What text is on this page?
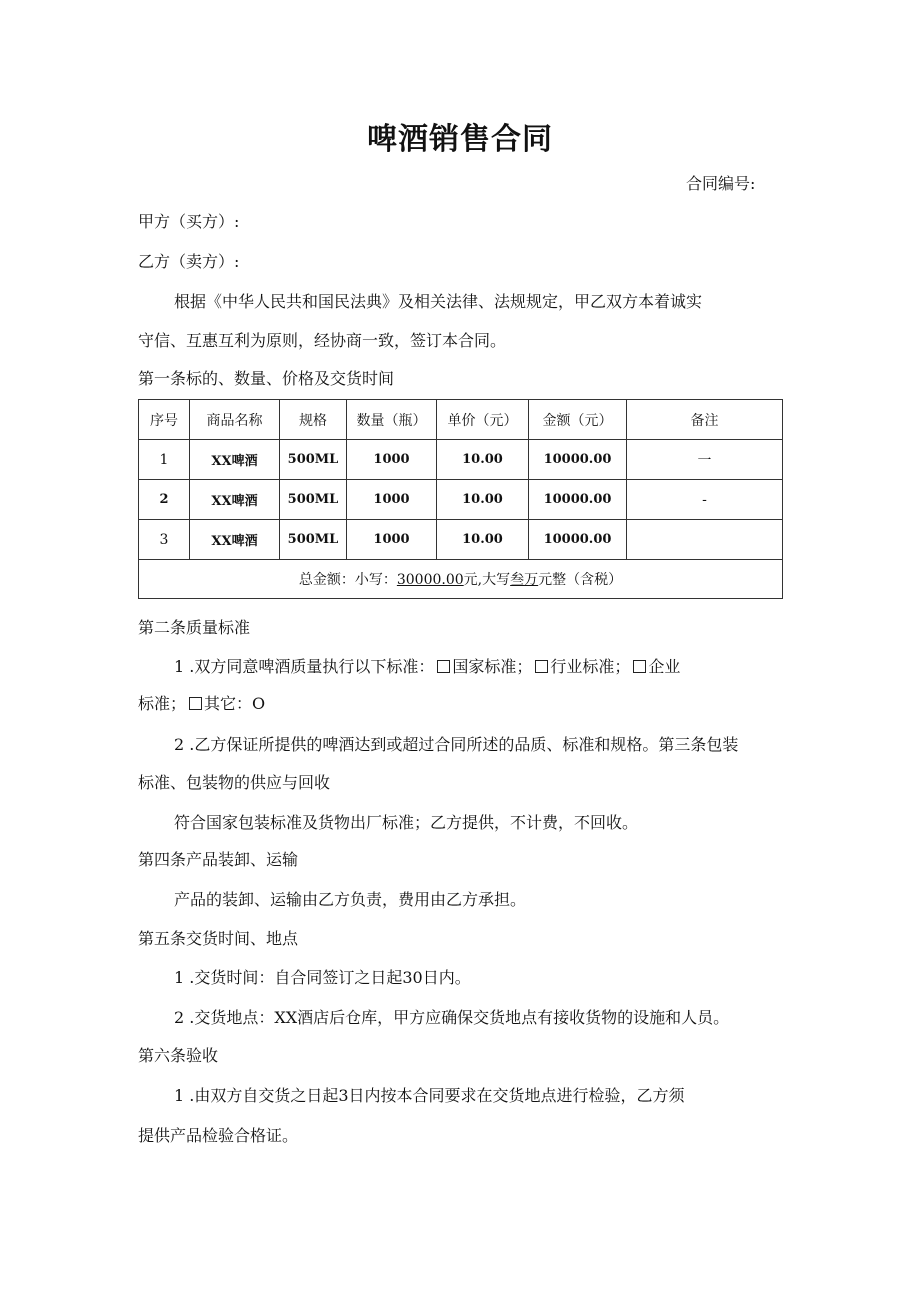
啤酒销售合同
合同编号:
甲方（买方）:
乙方（卖方）:
根据《中华人民共和国民法典》及相关法律、法规规定，甲乙双方本着诚实
守信、互惠互利为原则，经协商一致，签订本合同。
第一条标的、数量、价格及交货时间
序号	商品名称	规格	数量（瓶）	单价（元）	金额（元）	备注
1	XX啤酒	500ML	1000	10.00	10000.00	一
2	XX啤酒	500ML	1000	10.00	10000.00	-
3	XX啤酒	500ML	1000	10.00	10000.00	
总金额：小写：30000.00元,大写叁万元整（含税）						
第二条质量标准
1 .双方同意啤酒质量执行以下标准： 国家标准； 行业标准； 企业
标准； 其它：O
2 .乙方保证所提供的啤酒达到或超过合同所述的品质、标准和规格。第三条包装
标准、包装物的供应与回收
符合国家包装标准及货物出厂标准；乙方提供，不计费，不回收。
第四条产品装卸、运输
产品的装卸、运输由乙方负责，费用由乙方承担。
第五条交货时间、地点
1 .交货时间：自合同签订之日起30日内。
2 .交货地点：XX酒店后仓库，甲方应确保交货地点有接收货物的设施和人员。
第六条验收
1 .由双方自交货之日起3日内按本合同要求在交货地点进行检验，乙方须
提供产品检验合格证。
